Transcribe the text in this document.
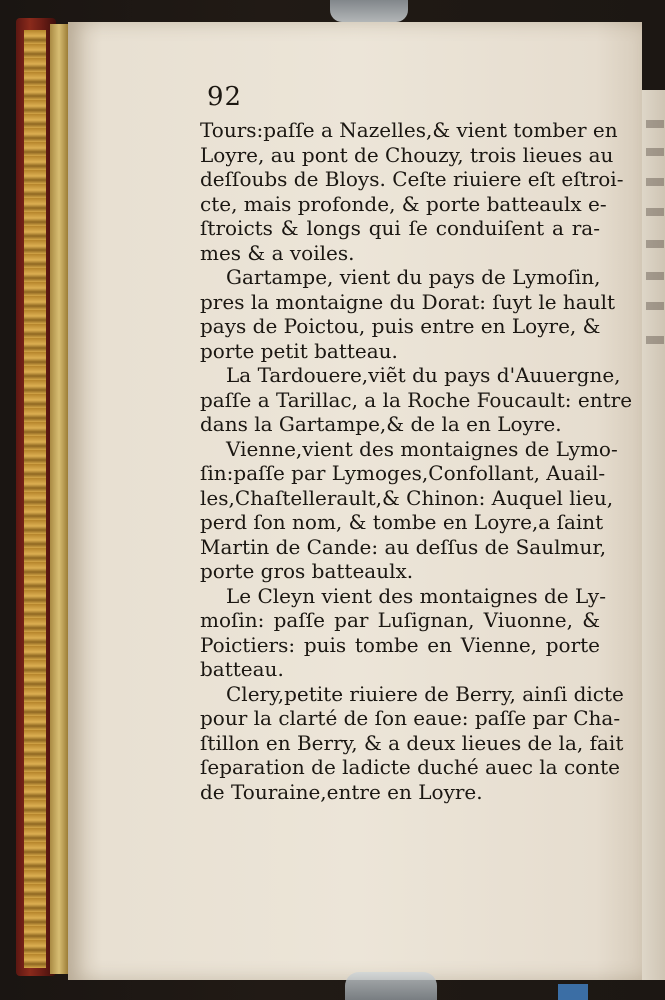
92
Tours:paſſe a Nazelles,& vient tomber en
Loyre, au pont de Chouzy, trois lieues au
deſſoubs de Bloys. Ceſte riuiere eſt eſtroi-
cte, mais profonde, & porte batteaulx e-
ſtroicts & longs qui ſe conduiſent a ra-
mes & a voiles.
Gartampe, vient du pays de Lymoſin,
pres la montaigne du Dorat: ſuyt le hault
pays de Poictou, puis entre en Loyre, &
porte petit batteau.
La Tardouere,viẽt du pays d'Auuergne,
paſſe a Tarillac, a la Roche Foucault: entre
dans la Gartampe,& de la en Loyre.
Vienne,vient des montaignes de Lymo-
ſin:paſſe par Lymoges,Confollant, Auail-
les,Chaſtellerault,& Chinon: Auquel lieu,
perd ſon nom, & tombe en Loyre,a ſaint
Martin de Cande: au deſſus de Saulmur,
porte gros batteaulx.
Le Cleyn vient des montaignes de Ly-
moſin: paſſe par Luſignan, Viuonne, &
Poictiers: puis tombe en Vienne, porte
batteau.
Clery,petite riuiere de Berry, ainſi dicte
pour la clarté de ſon eaue: paſſe par Cha-
ſtillon en Berry, & a deux lieues de la, fait
ſeparation de ladicte duché auec la conte
de Touraine,entre en Loyre.
